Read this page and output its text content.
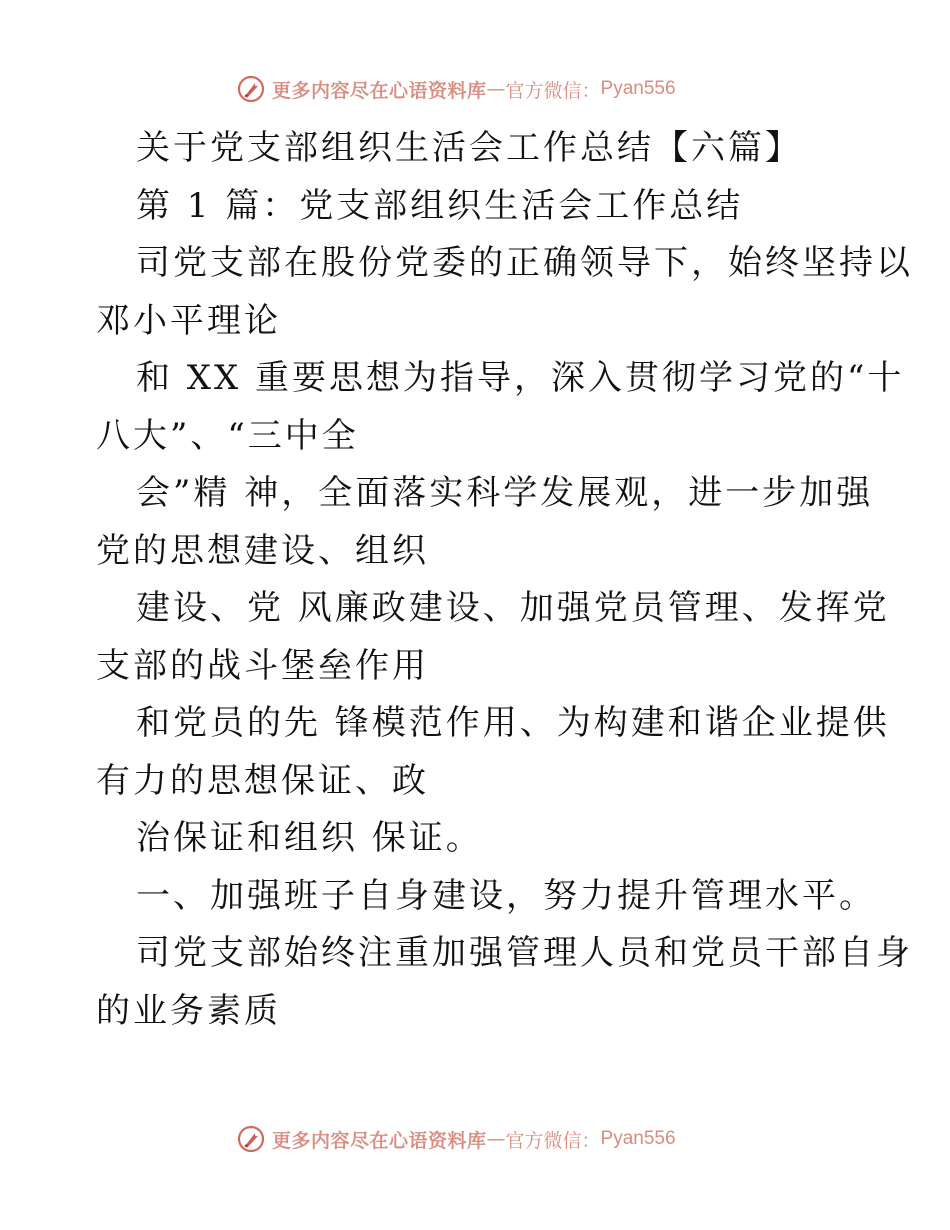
更多内容尽在心语资料库 — 官方微信： Pyan556
关于党支部组织生活会工作总结【六篇】
第 1 篇：党支部组织生活会工作总结
司党支部在股份党委的正确领导下，始终坚持以
邓小平理论
和 XX 重要思想为指导，深入贯彻学习党的“十
八大”、“三中全
会”精 神，全面落实科学发展观，进一步加强
党的思想建设、组织
建设、党 风廉政建设、加强党员管理、发挥党
支部的战斗堡垒作用
和党员的先 锋模范作用、为构建和谐企业提供
有力的思想保证、政
治保证和组织 保证。
一、加强班子自身建设，努力提升管理水平。
司党支部始终注重加强管理人员和党员干部自身
的业务素质
更多内容尽在心语资料库 — 官方微信： Pyan556
